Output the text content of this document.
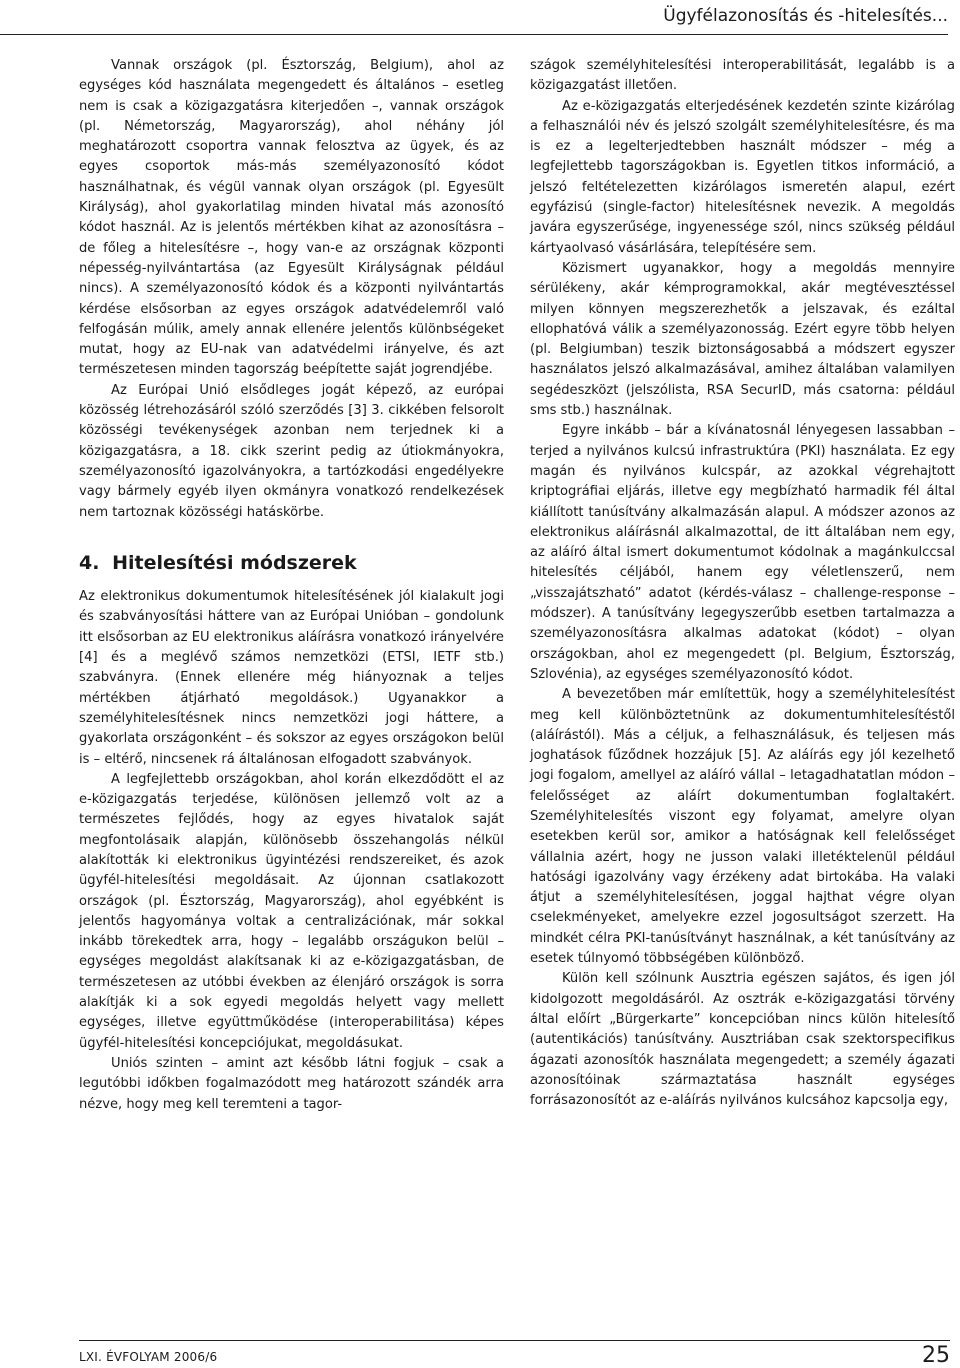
Ügyfélazonosítás és -hitelesítés...

Vannak országok (pl. Észtország, Belgium), ahol az egységes kód használata megengedett és általános – esetleg nem is csak a közigazgatásra kiterjedően –, vannak országok (pl. Németország, Magyarország), ahol néhány jól meghatározott csoportra vannak felosztva az ügyek, és az egyes csoportok más-más személyazonosító kódot használhatnak, és végül vannak olyan országok (pl. Egyesült Királyság), ahol gyakorlatilag minden hivatal más azonosító kódot használ. Az is jelentős mértékben kihat az azonosításra – de főleg a hitelesítésre –, hogy van-e az országnak központi népesség-nyilvántartása (az Egyesült Királyságnak például nincs). A személyazonosító kódok és a központi nyilvántartás kérdése elsősorban az egyes országok adatvédelemről való felfogásán múlik, amely annak ellenére jelentős különbségeket mutat, hogy az EU-nak van adatvédelmi irányelve, és azt természetesen minden tagország beépítette saját jogrendjébe.

Az Európai Unió elsődleges jogát képező, az európai közösség létrehozásáról szóló szerződés [3] 3. cikkében felsorolt közösségi tevékenységek azonban nem terjednek ki a közigazgatásra, a 18. cikk szerint pedig az útiokmányokra, személyazonosító igazolványokra, a tartózkodási engedélyekre vagy bármely egyéb ilyen okmányra vonatkozó rendelkezések nem tartoznak közösségi hatáskörbe.

4. Hitelesítési módszerek

Az elektronikus dokumentumok hitelesítésének jól kialakult jogi és szabványosítási háttere van az Európai Unióban – gondolunk itt elsősorban az EU elektronikus aláírásra vonatkozó irányelvére [4] és a meglévő számos nemzetközi (ETSI, IETF stb.) szabványra. (Ennek ellenére még hiányoznak a teljes mértékben átjárható megoldások.) Ugyanakkor a személyhitelesítésnek nincs nemzetközi jogi háttere, a gyakorlata országonként – és sokszor az egyes országokon belül is – eltérő, nincsenek rá általánosan elfogadott szabványok.

A legfejlettebb országokban, ahol korán elkezdődött el az e-közigazgatás terjedése, különösen jellemző volt az a természetes fejlődés, hogy az egyes hivatalok saját megfontolásaik alapján, különösebb összehangolás nélkül alakították ki elektronikus ügyintézési rendszereiket, és azok ügyfél-hitelesítési megoldásait. Az újonnan csatlakozott országok (pl. Észtország, Magyarország), ahol egyébként is jelentős hagyománya voltak a centralizációnak, már sokkal inkább törekedtek arra, hogy – legalább országukon belül – egységes megoldást alakítsanak ki az e-közigazgatásban, de természetesen az utóbbi években az élenjáró országok is sorra alakítják ki a sok egyedi megoldás helyett vagy mellett egységes, illetve együttműködése (interoperabilitása) képes ügyfél-hitelesítési koncepciójukat, megoldásukat.

Uniós szinten – amint azt később látni fogjuk – csak a legutóbbi időkben fogalmazódott meg határozott szándék arra nézve, hogy meg kell teremteni a tagor-

szágok személyhitelesítési interoperabilitását, legalább is a közigazgatást illetően.

Az e-közigazgatás elterjedésének kezdetén szinte kizárólag a felhasználói név és jelszó szolgált személyhitelesítésre, és ma is ez a legelterjedtebben használt módszer – még a legfejlettebb tagországokban is. Egyetlen titkos információ, a jelszó feltételezetten kizárólagos ismeretén alapul, ezért egyfázisú (single-factor) hitelesítésnek nevezik. A megoldás javára egyszerűsége, ingyenessége szól, nincs szükség például kártyaolvasó vásárlására, telepítésére sem.

Közismert ugyanakkor, hogy a megoldás mennyire sérülékeny, akár kémprogramokkal, akár megtévesztéssel milyen könnyen megszerezhetők a jelszavak, és ezáltal ellophatóvá válik a személyazonosság. Ezért egyre több helyen (pl. Belgiumban) teszik biztonságosabbá a módszert egyszer használatos jelszó alkalmazásával, amihez általában valamilyen segédeszközt (jelszólista, RSA SecurID, más csatorna: például sms stb.) használnak.

Egyre inkább – bár a kívánatosnál lényegesen lassabban – terjed a nyilvános kulcsú infrastruktúra (PKI) használata. Ez egy magán és nyilvános kulcspár, az azokkal végrehajtott kriptográfiai eljárás, illetve egy megbízható harmadik fél által kiállított tanúsítvány alkalmazásán alapul. A módszer azonos az elektronikus aláírásnál alkalmazottal, de itt általában nem egy, az aláíró által ismert dokumentumot kódolnak a magánkulccsal hitelesítés céljából, hanem egy véletlenszerű, nem „visszajátszható” adatot (kérdés-válasz – challenge-response – módszer). A tanúsítvány legegyszerűbb esetben tartalmazza a személyazonosításra alkalmas adatokat (kódot) – olyan országokban, ahol ez megengedett (pl. Belgium, Észtország, Szlovénia), az egységes személyazonosító kódot.

A bevezetőben már említettük, hogy a személyhitelesítést meg kell különböztetnünk az dokumentumhitelesítéstől (aláírástól). Más a céljuk, a felhasználásuk, és teljesen más joghatások fűződnek hozzájuk [5]. Az aláírás egy jól kezelhető jogi fogalom, amellyel az aláíró vállal – letagadhatatlan módon – felelősséget az aláírt dokumentumban foglaltakért. Személyhitelesítés viszont egy folyamat, amelyre olyan esetekben kerül sor, amikor a hatóságnak kell felelősséget vállalnia azért, hogy ne jusson valaki illetéktelenül például hatósági igazolvány vagy érzékeny adat birtokába. Ha valaki átjut a személyhitelesítésen, joggal hajthat végre olyan cselekményeket, amelyekre ezzel jogosultságot szerzett. Ha mindkét célra PKI-tanúsítványt használnak, a két tanúsítvány az esetek túlnyomó többségében különböző.

Külön kell szólnunk Ausztria egészen sajátos, és igen jól kidolgozott megoldásáról. Az osztrák e-közigazgatási törvény által előírt „Bürgerkarte” koncepcióban nincs külön hitelesítő (autentikációs) tanúsítvány. Ausztriában csak szektorspecifikus ágazati azonosítók használata megengedett; a személy ágazati azonosítóinak származtatása használt egységes forrásazonosítót az e-aláírás nyilvános kulcsához kapcsolja egy,

LXI. ÉVFOLYAM 2006/6	25
